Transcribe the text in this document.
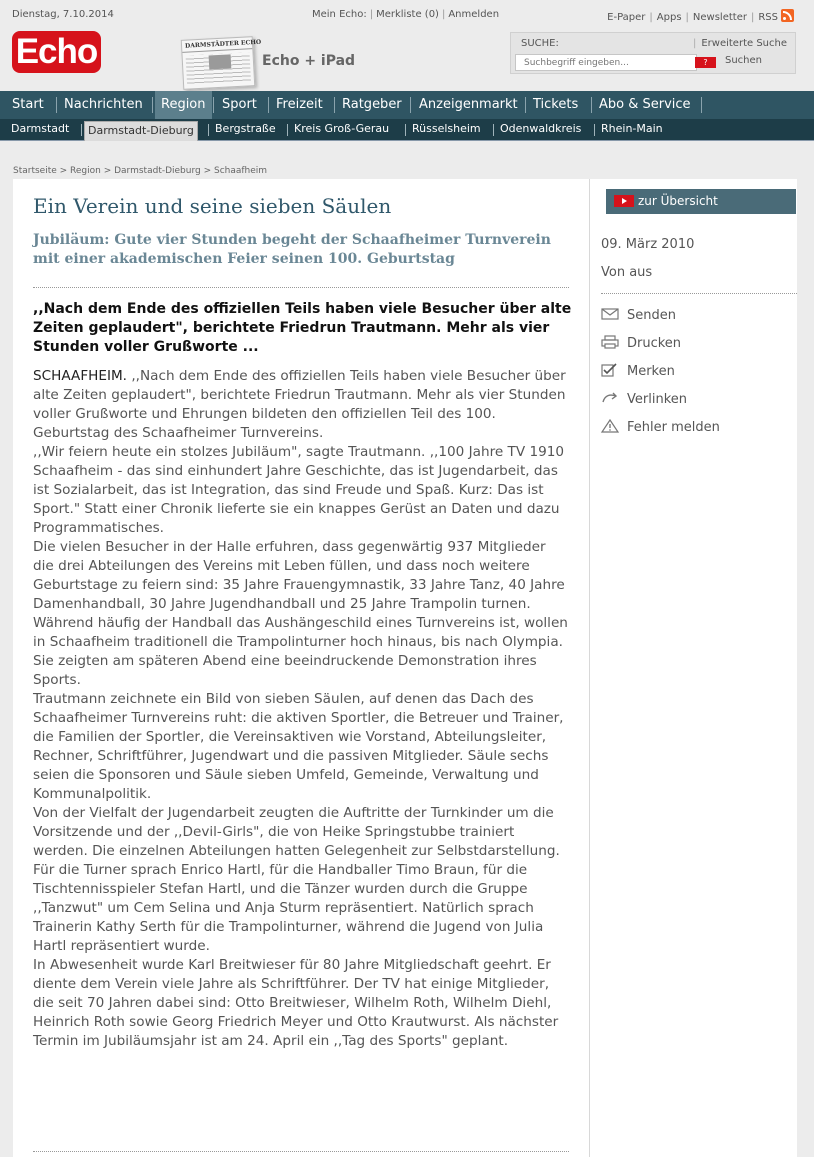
Dienstag, 7.10.2014	Mein Echo: | Merkliste (0) | Anmelden	E-Paper | Apps | Newsletter | RSS
Echo	DARMSTÄDTER ECHO
Echo + iPad
SUCHE:
|	Erweiterte Suche
Suchbegriff eingeben...
?	Suchen
Start	Nachrichten	Region	Sport	Freizeit	Ratgeber	Anzeigenmarkt	Tickets	Abo & Service
Darmstadt	Darmstadt-Dieburg	Bergstraße	Kreis Groß-Gerau	Rüsselsheim	Odenwaldkreis	Rhein-Main
Startseite > Region > Darmstadt-Dieburg > Schaafheim
Ein Verein und seine sieben Säulen
Jubiläum: Gute vier Stunden begeht der Schaafheimer Turnverein mit einer akademischen Feier seinen 100. Geburtstag

,,Nach dem Ende des offiziellen Teils haben viele Besucher über alte Zeiten geplaudert", berichtete Friedrun Trautmann. Mehr als vier Stunden voller Grußworte ...

SCHAAFHEIM. ,,Nach dem Ende des offiziellen Teils haben viele Besucher über alte Zeiten geplaudert", berichtete Friedrun Trautmann. Mehr als vier Stunden voller Grußworte und Ehrungen bildeten den offiziellen Teil des 100. Geburtstag des Schaafheimer Turnvereins.

,,Wir feiern heute ein stolzes Jubiläum", sagte Trautmann. ,,100 Jahre TV 1910 Schaafheim - das sind einhundert Jahre Geschichte, das ist Jugendarbeit, das ist Sozialarbeit, das ist Integration, das sind Freude und Spaß. Kurz: Das ist Sport." Statt einer Chronik lieferte sie ein knappes Gerüst an Daten und dazu Programmatisches.

Die vielen Besucher in der Halle erfuhren, dass gegenwärtig 937 Mitglieder die drei Abteilungen des Vereins mit Leben füllen, und dass noch weitere Geburtstage zu feiern sind: 35 Jahre Frauengymnastik, 33 Jahre Tanz, 40 Jahre Damenhandball, 30 Jahre Jugendhandball und 25 Jahre Trampolin turnen.

Während häufig der Handball das Aushängeschild eines Turnvereins ist, wollen in Schaafheim traditionell die Trampolinturner hoch hinaus, bis nach Olympia. Sie zeigten am späteren Abend eine beeindruckende Demonstration ihres Sports.

Trautmann zeichnete ein Bild von sieben Säulen, auf denen das Dach des Schaafheimer Turnvereins ruht: die aktiven Sportler, die Betreuer und Trainer, die Familien der Sportler, die Vereinsaktiven wie Vorstand, Abteilungsleiter, Rechner, Schriftführer, Jugendwart und die passiven Mitglieder. Säule sechs seien die Sponsoren und Säule sieben Umfeld, Gemeinde, Verwaltung und Kommunalpolitik.

Von der Vielfalt der Jugendarbeit zeugten die Auftritte der Turnkinder um die Vorsitzende und der ,,Devil-Girls", die von Heike Springstubbe trainiert werden. Die einzelnen Abteilungen hatten Gelegenheit zur Selbstdarstellung. Für die Turner sprach Enrico Hartl, für die Handballer Timo Braun, für die Tischtennisspieler Stefan Hartl, und die Tänzer wurden durch die Gruppe ,,Tanzwut" um Cem Selina und Anja Sturm repräsentiert. Natürlich sprach Trainerin Kathy Serth für die Trampolinturner, während die Jugend von Julia Hartl repräsentiert wurde.

In Abwesenheit wurde Karl Breitwieser für 80 Jahre Mitgliedschaft geehrt. Er diente dem Verein viele Jahre als Schriftführer. Der TV hat einige Mitglieder, die seit 70 Jahren dabei sind: Otto Breitwieser, Wilhelm Roth, Wilhelm Diehl, Heinrich Roth sowie Georg Friedrich Meyer und Otto Krautwurst. Als nächster Termin im Jubiläumsjahr ist am 24. April ein ,,Tag des Sports" geplant.

zur Übersicht
09. März 2010
Von aus
Senden
Drucken
Merken
Verlinken
Fehler melden
